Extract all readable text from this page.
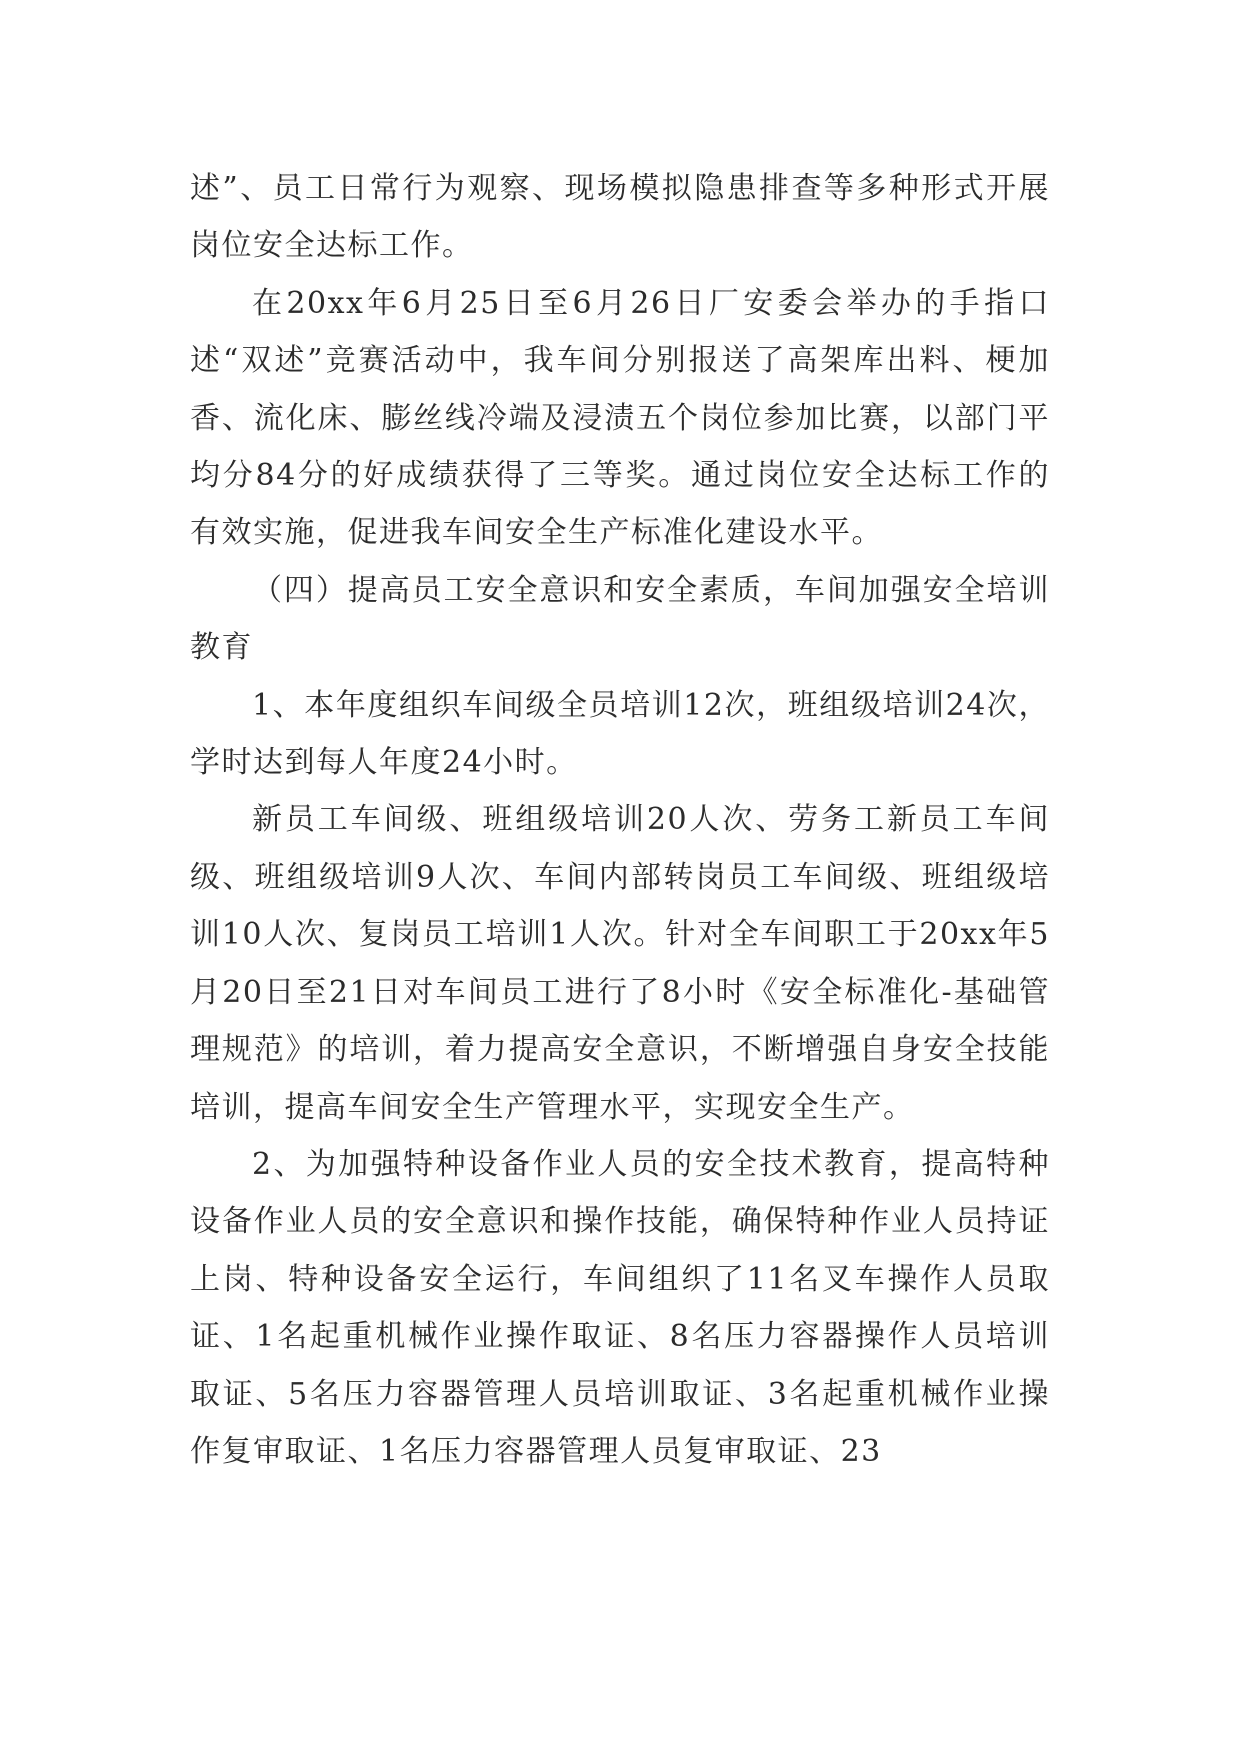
述”、员工日常行为观察、现场模拟隐患排查等多种形式开展岗位安全达标工作。

在20xx年6月25日至6月26日厂安委会举办的手指口述“双述”竞赛活动中，我车间分别报送了高架库出料、梗加香、流化床、膨丝线冷端及浸渍五个岗位参加比赛，以部门平均分84分的好成绩获得了三等奖。通过岗位安全达标工作的有效实施，促进我车间安全生产标准化建设水平。

（四）提高员工安全意识和安全素质，车间加强安全培训教育

1、本年度组织车间级全员培训12次，班组级培训24次，学时达到每人年度24小时。

新员工车间级、班组级培训20人次、劳务工新员工车间级、班组级培训9人次、车间内部转岗员工车间级、班组级培训10人次、复岗员工培训1人次。针对全车间职工于20xx年5月20日至21日对车间员工进行了8小时《安全标准化-基础管理规范》的培训，着力提高安全意识，不断增强自身安全技能培训，提高车间安全生产管理水平，实现安全生产。

2、为加强特种设备作业人员的安全技术教育，提高特种设备作业人员的安全意识和操作技能，确保特种作业人员持证上岗、特种设备安全运行，车间组织了11名叉车操作人员取证、1名起重机械作业操作取证、8名压力容器操作人员培训取证、5名压力容器管理人员培训取证、3名起重机械作业操作复审取证、1名压力容器管理人员复审取证、23
